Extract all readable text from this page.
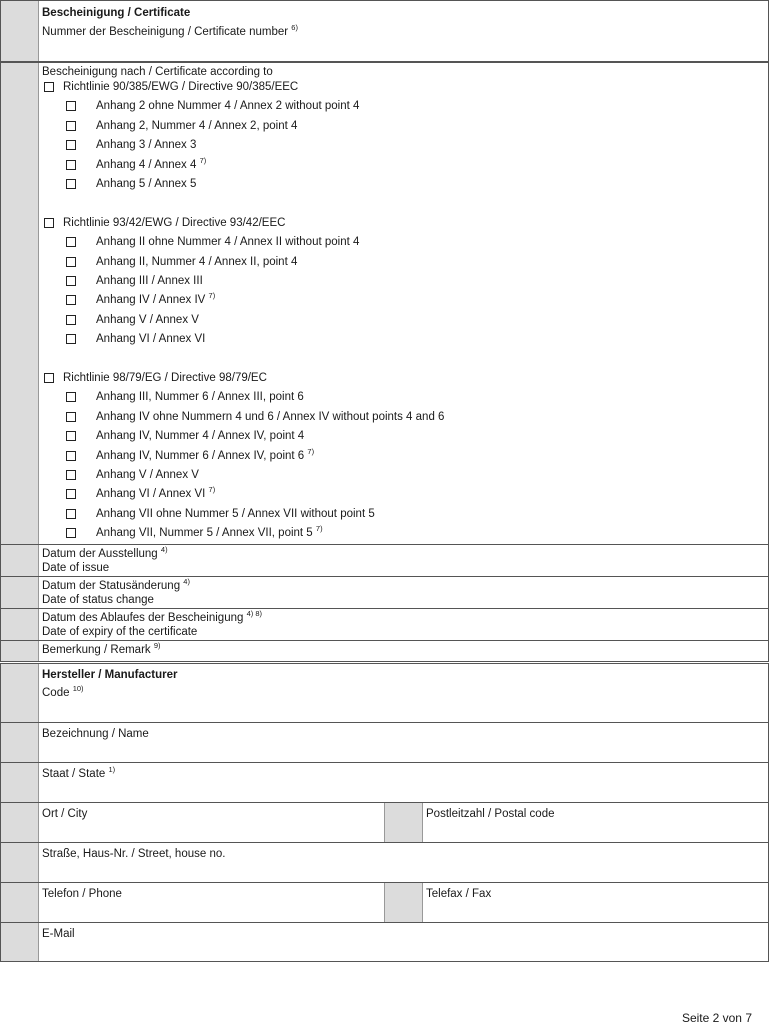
Bescheinigung / Certificate
Nummer der Bescheinigung / Certificate number $^{6)}$
Bescheinigung nach / Certificate according to
Richtlinie 90/385/EWG / Directive 90/385/EEC
Anhang 2 ohne Nummer 4 / Annex 2 without point 4
Anhang 2, Nummer 4 / Annex 2, point 4
Anhang 3 / Annex 3
Anhang 4 / Annex 4 $^{7)}$
Anhang 5 / Annex 5
Richtlinie 93/42/EWG / Directive 93/42/EEC
Anhang II ohne Nummer 4 / Annex II without point 4
Anhang II, Nummer 4 / Annex II, point 4
Anhang III / Annex III
Anhang IV / Annex IV $^{7)}$
Anhang V / Annex V
Anhang VI / Annex VI
Richtlinie 98/79/EG / Directive 98/79/EC
Anhang III, Nummer 6 / Annex III, point 6
Anhang IV ohne Nummern 4 und 6 / Annex IV without points 4 and 6
Anhang IV, Nummer 4 / Annex IV, point 4
Anhang IV, Nummer 6 / Annex IV, point 6 $^{7)}$
Anhang V / Annex V
Anhang VI / Annex VI $^{7)}$
Anhang VII ohne Nummer 5 / Annex VII without point 5
Anhang VII, Nummer 5 / Annex VII, point 5 $^{7)}$
Datum der Ausstellung $^{4)}$
Date of issue
Datum der Statusänderung $^{4)}$
Date of status change
Datum des Ablaufes der Bescheinigung $^{4) 8)}$
Date of expiry of the certificate
Bemerkung / Remark $^{9)}$
Hersteller / Manufacturer
Code $^{10)}$
Bezeichnung / Name
Staat / State $^{1)}$
Ort / City	Postleitzahl / Postal code
Straße, Haus-Nr. / Street, house no.
Telefon / Phone	Telefax / Fax
E-Mail
Seite 2 von 7
